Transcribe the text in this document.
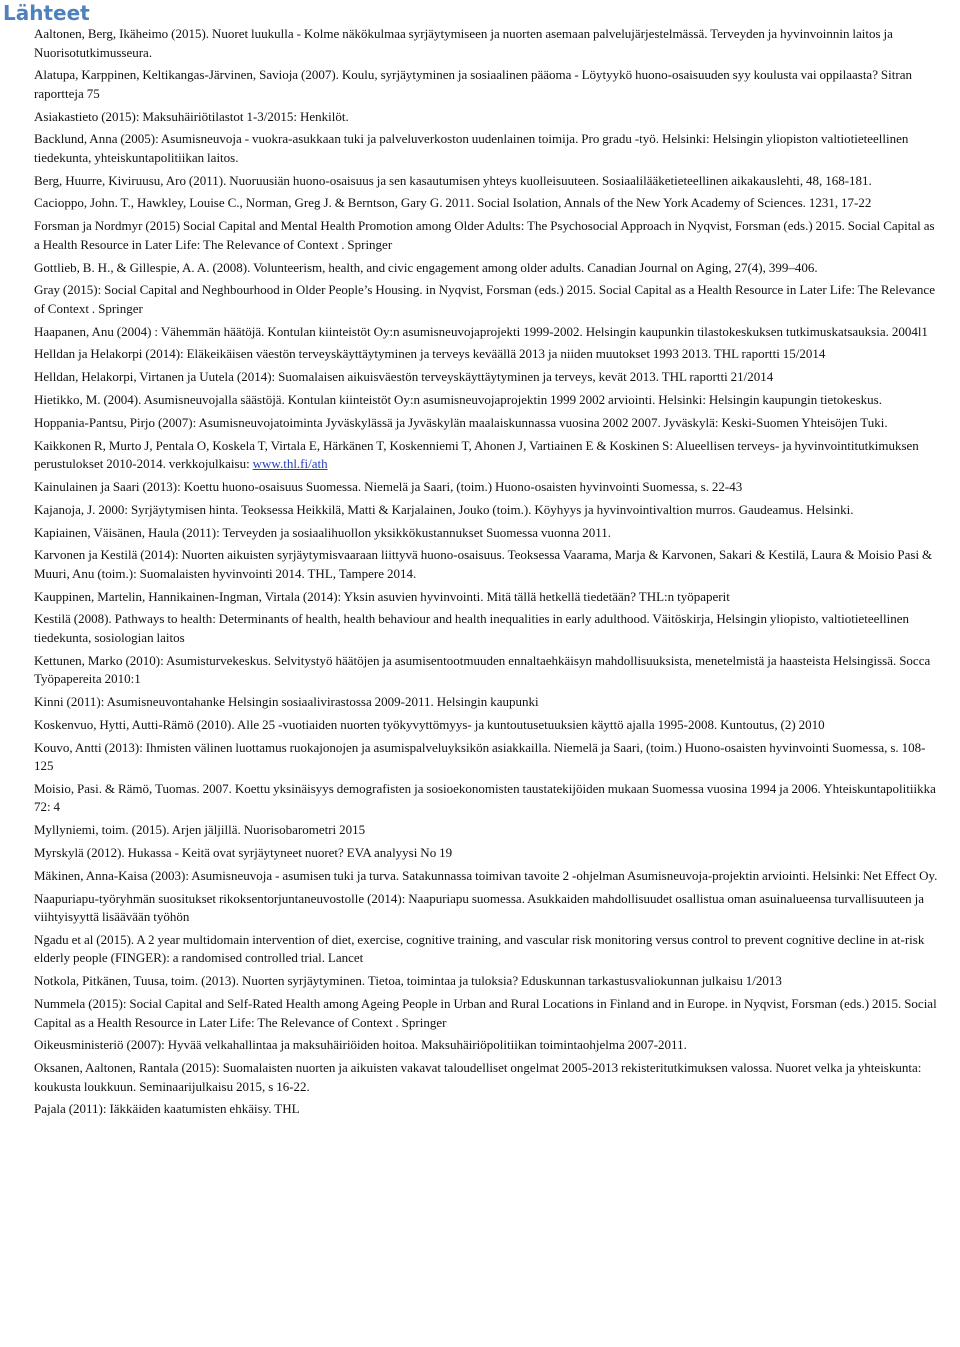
Lähteet

Aaltonen, Berg, Ikäheimo (2015). Nuoret luukulla - Kolme näkökulmaa syrjäytymiseen ja nuorten asemaan palvelujärjestelmässä. Terveyden ja hyvinvoinnin laitos ja Nuorisotutkimusseura.

Alatupa, Karppinen, Keltikangas-Järvinen, Savioja (2007). Koulu, syrjäytyminen ja sosiaalinen pääoma - Löytyykö huono-osaisuuden syy koulusta vai oppilaasta? Sitran raportteja 75

Asiakastieto (2015): Maksuhäiriötilastot 1-3/2015: Henkilöt.

Backlund, Anna (2005): Asumisneuvoja - vuokra-asukkaan tuki ja palveluverkoston uudenlainen toimija. Pro gradu -työ. Helsinki: Helsingin yliopiston valtiotieteellinen tiedekunta, yhteiskuntapolitiikan laitos.

Berg, Huurre, Kiviruusu, Aro (2011). Nuoruusiän huono-osaisuus ja sen kasautumisen yhteys kuolleisuuteen. Sosiaalilääketieteellinen aikakauslehti, 48, 168-181.

Cacioppo, John. T., Hawkley, Louise C., Norman, Greg J. & Berntson, Gary G. 2011. Social Isolation, Annals of the New York Academy of Sciences. 1231, 17-22

Forsman ja Nordmyr (2015) Social Capital and Mental Health Promotion among Older Adults: The Psychosocial Approach in Nyqvist, Forsman (eds.) 2015. Social Capital as a Health Resource in Later Life: The Relevance of Context . Springer

Gottlieb, B. H., & Gillespie, A. A. (2008). Volunteerism, health, and civic engagement among older adults. Canadian Journal on Aging, 27(4), 399–406.

Gray (2015): Social Capital and Neghbourhood in Older People’s Housing. in Nyqvist, Forsman (eds.) 2015. Social Capital as a Health Resource in Later Life: The Relevance of Context . Springer

Haapanen, Anu (2004) : Vähemmän häätöjä. Kontulan kiinteistöt Oy:n asumisneuvojaprojekti 1999-2002. Helsingin kaupunkin tilastokeskuksen tutkimuskatsauksia. 2004l1

Helldan ja Helakorpi (2014): Eläkeikäisen väestön terveyskäyttäytyminen ja terveys keväällä 2013 ja niiden muutokset 1993 2013. THL raportti 15/2014

Helldan, Helakorpi, Virtanen ja Uutela (2014): Suomalaisen aikuisväestön terveyskäyttäytyminen ja terveys, kevät 2013. THL raportti 21/2014

Hietikko, M. (2004). Asumisneuvojalla säästöjä. Kontulan kiinteistöt Oy:n asumisneuvojaprojektin 1999 2002 arviointi. Helsinki: Helsingin kaupungin tietokeskus.

Hoppania-Pantsu, Pirjo (2007): Asumisneuvojatoiminta Jyväskylässä ja Jyväskylän maalaiskunnassa vuosina 2002 2007. Jyväskylä: Keski-Suomen Yhteisöjen Tuki.

Kaikkonen R, Murto J, Pentala O, Koskela T, Virtala E, Härkänen T, Koskenniemi T, Ahonen J, Vartiainen E & Koskinen S: Alueellisen terveys- ja hyvinvointitutkimuksen perustulokset 2010-2014. verkkojulkaisu: www.thl.fi/ath

Kainulainen ja Saari (2013): Koettu huono-osaisuus Suomessa. Niemelä ja Saari, (toim.) Huono-osaisten hyvinvointi Suomessa, s. 22-43

Kajanoja, J. 2000: Syrjäytymisen hinta. Teoksessa Heikkilä, Matti & Karjalainen, Jouko (toim.). Köyhyys ja hyvinvointivaltion murros. Gaudeamus. Helsinki.

Kapiainen, Väisänen, Haula (2011): Terveyden ja sosiaalihuollon yksikkökustannukset Suomessa vuonna 2011.

Karvonen ja Kestilä (2014): Nuorten aikuisten syrjäytymisvaaraan liittyvä huono-osaisuus. Teoksessa Vaarama, Marja & Karvonen, Sakari & Kestilä, Laura & Moisio Pasi & Muuri, Anu (toim.): Suomalaisten hyvinvointi 2014. THL, Tampere 2014.

Kauppinen, Martelin, Hannikainen-Ingman, Virtala (2014): Yksin asuvien hyvinvointi. Mitä tällä hetkellä tiedetään? THL:n työpaperit

Kestilä (2008). Pathways to health: Determinants of health, health behaviour and health inequalities in early adulthood. Väitöskirja, Helsingin yliopisto, valtiotieteellinen tiedekunta, sosiologian laitos

Kettunen, Marko (2010): Asumisturvekeskus. Selvitystyö häätöjen ja asumisentootmuuden ennaltaehkäisyn mahdollisuuksista, menetelmistä ja haasteista Helsingissä. Socca Työpapereita 2010:1

Kinni (2011): Asumisneuvontahanke Helsingin sosiaalivirastossa 2009-2011. Helsingin kaupunki

Koskenvuo, Hytti, Autti-Rämö (2010). Alle 25 -vuotiaiden nuorten työkyvyttömyys- ja kuntoutusetuuksien käyttö ajalla 1995-2008. Kuntoutus, (2) 2010

Kouvo, Antti (2013): Ihmisten välinen luottamus ruokajonojen ja asumispalveluyksikön asiakkailla. Niemelä ja Saari, (toim.) Huono-osaisten hyvinvointi Suomessa, s. 108-125

Moisio, Pasi. & Rämö, Tuomas. 2007. Koettu yksinäisyys demografisten ja sosioekonomisten taustatekijöiden mukaan Suomessa vuosina 1994 ja 2006. Yhteiskuntapolitiikka 72: 4

Myllyniemi, toim. (2015). Arjen jäljillä. Nuorisobarometri 2015

Myrskylä (2012). Hukassa - Keitä ovat syrjäytyneet nuoret? EVA analyysi No 19

Mäkinen, Anna-Kaisa (2003): Asumisneuvoja - asumisen tuki ja turva. Satakunnassa toimivan tavoite 2 -ohjelman Asumisneuvoja-projektin arviointi. Helsinki: Net Effect Oy.

Naapuriapu-työryhmän suositukset rikoksentorjuntaneuvostolle (2014): Naapuriapu suomessa. Asukkaiden mahdollisuudet osallistua oman asuinalueensa turvallisuuteen ja viihtyisyyttä lisäävään työhön

Ngadu et al (2015). A 2 year multidomain intervention of diet, exercise, cognitive training, and vascular risk monitoring versus control to prevent cognitive decline in at-risk elderly people (FINGER): a randomised controlled trial. Lancet

Notkola, Pitkänen, Tuusa, toim. (2013). Nuorten syrjäytyminen. Tietoa, toimintaa ja tuloksia? Eduskunnan tarkastusvaliokunnan julkaisu 1/2013

Nummela (2015): Social Capital and Self-Rated Health among Ageing People in Urban and Rural Locations in Finland and in Europe. in Nyqvist, Forsman (eds.) 2015. Social Capital as a Health Resource in Later Life: The Relevance of Context . Springer

Oikeusministeriö (2007): Hyvää velkahallintaa ja maksuhäiriöiden hoitoa. Maksuhäiriöpolitiikan toimintaohjelma 2007-2011.

Oksanen, Aaltonen, Rantala (2015): Suomalaisten nuorten ja aikuisten vakavat taloudelliset ongelmat 2005-2013 rekisteritutkimuksen valossa. Nuoret velka ja yhteiskunta: koukusta loukkuun. Seminaarijulkaisu 2015, s 16-22.

Pajala (2011): Iäkkäiden kaatumisten ehkäisy. THL
